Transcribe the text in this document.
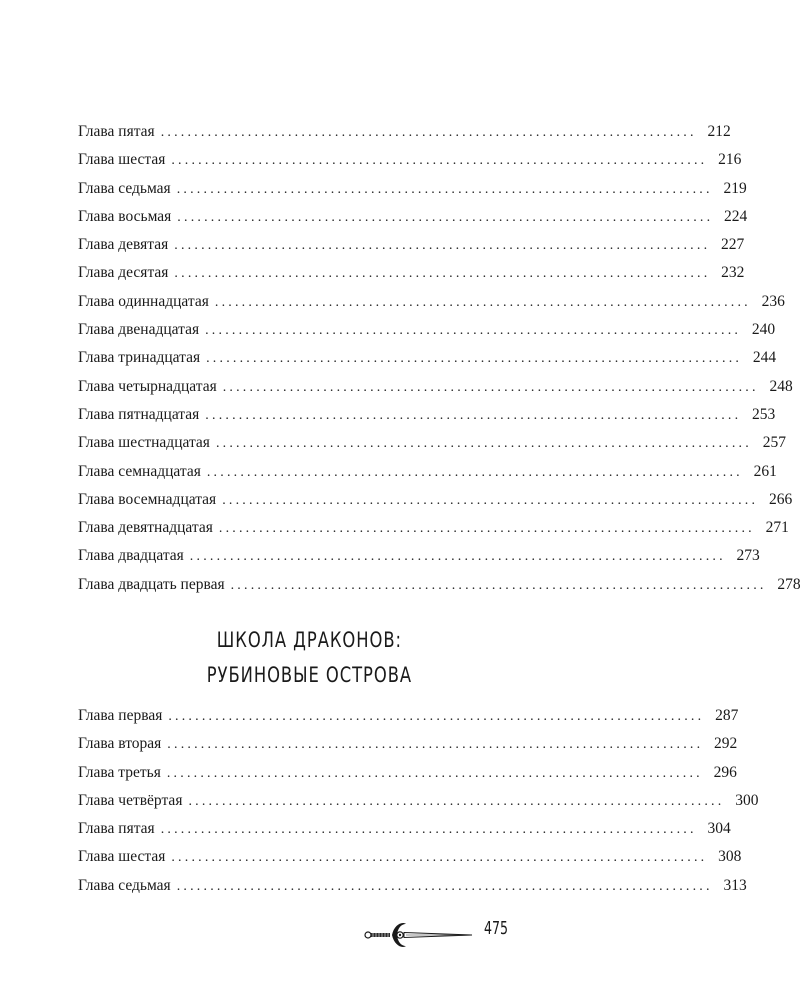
Глава пятая ................................................................................ 212
Глава шестая ................................................................................ 216
Глава седьмая ................................................................................ 219
Глава восьмая ................................................................................ 224
Глава девятая ................................................................................ 227
Глава десятая ................................................................................ 232
Глава одиннадцатая ................................................................................ 236
Глава двенадцатая ................................................................................ 240
Глава тринадцатая ................................................................................ 244
Глава четырнадцатая ................................................................................ 248
Глава пятнадцатая ................................................................................ 253
Глава шестнадцатая ................................................................................ 257
Глава семнадцатая ................................................................................ 261
Глава восемнадцатая ................................................................................ 266
Глава девятнадцатая ................................................................................ 271
Глава двадцатая ................................................................................ 273
Глава двадцать первая ................................................................................ 278
ШКОЛА ДРАКОНОВ:
РУБИНОВЫЕ ОСТРОВА
Глава первая ................................................................................ 287
Глава вторая ................................................................................ 292
Глава третья ................................................................................ 296
Глава четвёртая ................................................................................ 300
Глава пятая ................................................................................ 304
Глава шестая ................................................................................ 308
Глава седьмая ................................................................................ 313
475
